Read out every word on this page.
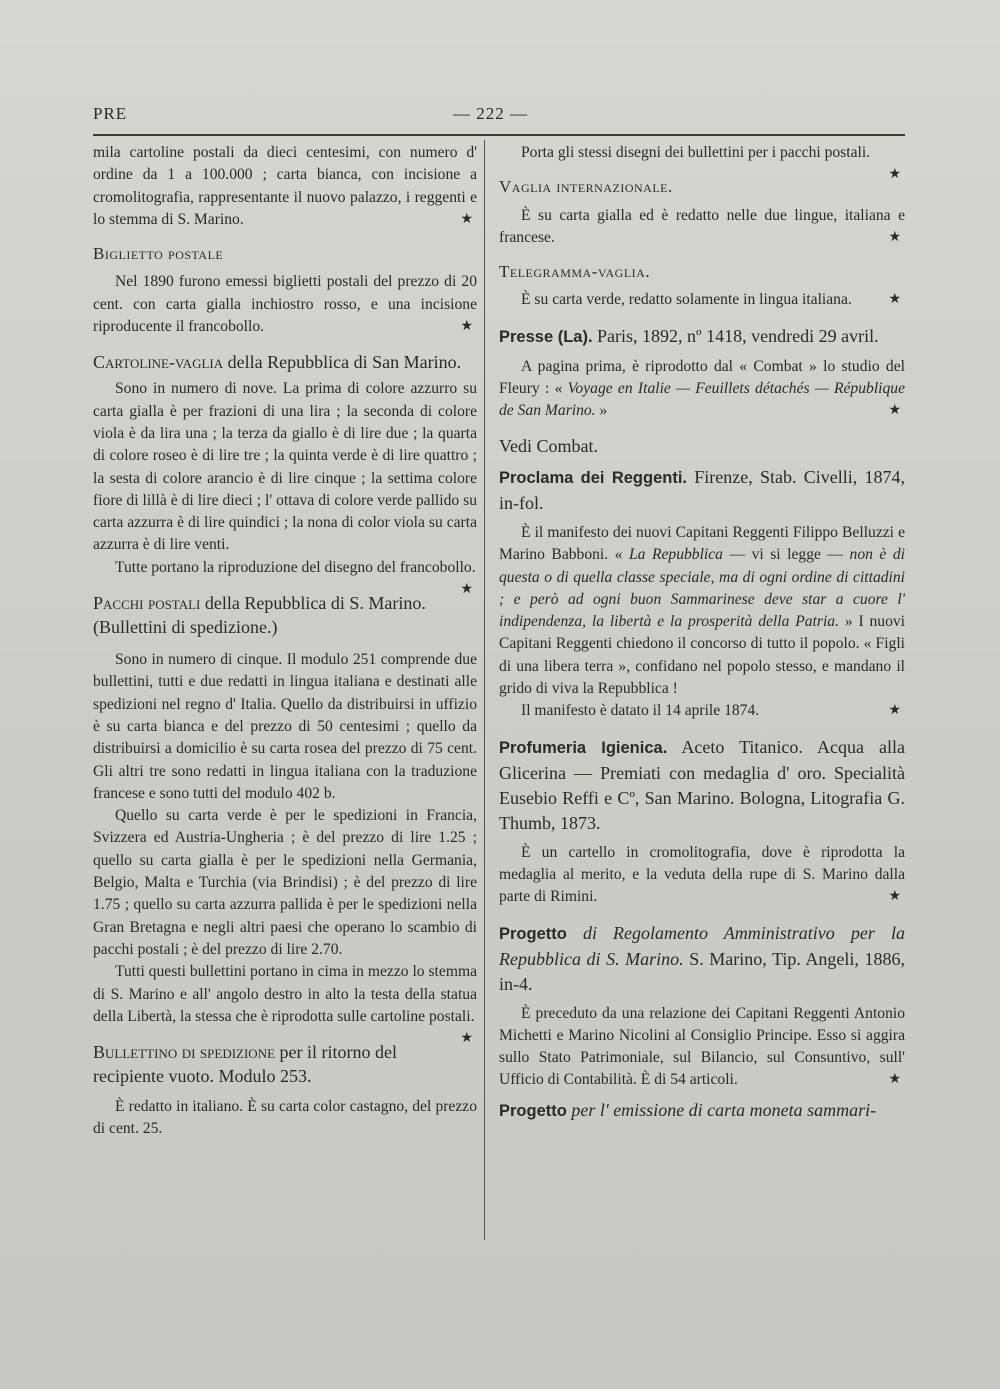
PRE	— 222 —

mila cartoline postali da dieci centesimi, con numero d' ordine da 1 a 100.000 ; carta bianca, con incisione a cromolitografia, rappresentante il nuovo palazzo, i reggenti e lo stemma di S. Marino.	★

Biglietto postale

Nel 1890 furono emessi biglietti postali del prezzo di 20 cent. con carta gialla inchiostro rosso, e una incisione riproducente il francobollo.	★

Cartoline-vaglia della Repubblica di San Marino.

Sono in numero di nove. La prima di colore azzurro su carta gialla è per frazioni di una lira ; la seconda di colore viola è da lira una ; la terza da giallo è di lire due ; la quarta di colore roseo è di lire tre ; la quinta verde è di lire quattro ; la sesta di colore arancio è di lire cinque ; la settima colore fiore di lillà è di lire dieci ; l' ottava di colore verde pallido su carta azzurra è di lire quindici ; la nona di color viola su carta azzurra è di lire venti.

Tutte portano la riproduzione del disegno del francobollo.
★

Pacchi postali della Repubblica di S. Marino. (Bullettini di spedizione.)

Sono in numero di cinque. Il modulo 251 comprende due bullettini, tutti e due redatti in lingua italiana e destinati alle spedizioni nel regno d' Italia. Quello da distribuirsi in uffizio è su carta bianca e del prezzo di 50 centesimi ; quello da distribuirsi a domicilio è su carta rosea del prezzo di 75 cent. Gli altri tre sono redatti in lingua italiana con la traduzione francese e sono tutti del modulo 402 b.

Quello su carta verde è per le spedizioni in Francia, Svizzera ed Austria-Ungheria ; è del prezzo di lire 1.25 ; quello su carta gialla è per le spedizioni nella Germania, Belgio, Malta e Turchia (via Brindisi) ; è del prezzo di lire 1.75 ; quello su carta azzurra pallida è per le spedizioni nella Gran Bretagna e negli altri paesi che operano lo scambio di pacchi postali ; è del prezzo di lire 2.70.

Tutti questi bullettini portano in cima in mezzo lo stemma di S. Marino e all' angolo destro in alto la testa della statua della Libertà, la stessa che è riprodotta sulle cartoline postali.
★

Bullettino di spedizione per il ritorno del recipiente vuoto. Modulo 253.

È redatto in italiano. È su carta color castagno, del prezzo di cent. 25.

Porta gli stessi disegni dei bullettini per i pacchi postali.
★

Vaglia internazionale.

È su carta gialla ed è redatto nelle due lingue, italiana e francese.	★

Telegramma-vaglia.

È su carta verde, redatto solamente in lingua italiana.	★

Presse (La). Paris, 1892, nº 1418, vendredi 29 avril.

A pagina prima, è riprodotto dal « Combat » lo studio del Fleury : « Voyage en Italie — Feuillets détachés — République de San Marino. »	★

Vedi Combat.

Proclama dei Reggenti. Firenze, Stab. Civelli, 1874, in-fol.

È il manifesto dei nuovi Capitani Reggenti Filippo Belluzzi e Marino Babboni. « La Repubblica — vi si legge — non è di questa o di quella classe speciale, ma di ogni ordine di cittadini ; e però ad ogni buon Sammarinese deve star a cuore l' indipendenza, la libertà e la prosperità della Patria. » I nuovi Capitani Reggenti chiedono il concorso di tutto il popolo. « Figli di una libera terra », confidano nel popolo stesso, e mandano il grido di viva la Repubblica !

Il manifesto è datato il 14 aprile 1874.	★

Profumeria Igienica. Aceto Titanico. Acqua alla Glicerina — Premiati con medaglia d' oro. Specialità Eusebio Reffi e Cº, San Marino. Bologna, Litografia G. Thumb, 1873.

È un cartello in cromolitografia, dove è riprodotta la medaglia al merito, e la veduta della rupe di S. Marino dalla parte di Rimini.	★

Progetto di Regolamento Amministrativo per la Repubblica di S. Marino. S. Marino, Tip. Angeli, 1886, in-4.

È preceduto da una relazione dei Capitani Reggenti Antonio Michetti e Marino Nicolini al Consiglio Principe. Esso si aggira sullo Stato Patrimoniale, sul Bilancio, sul Consuntivo, sull' Ufficio di Contabilità. È di 54 articoli.	★

Progetto per l' emissione di carta moneta sammari-
